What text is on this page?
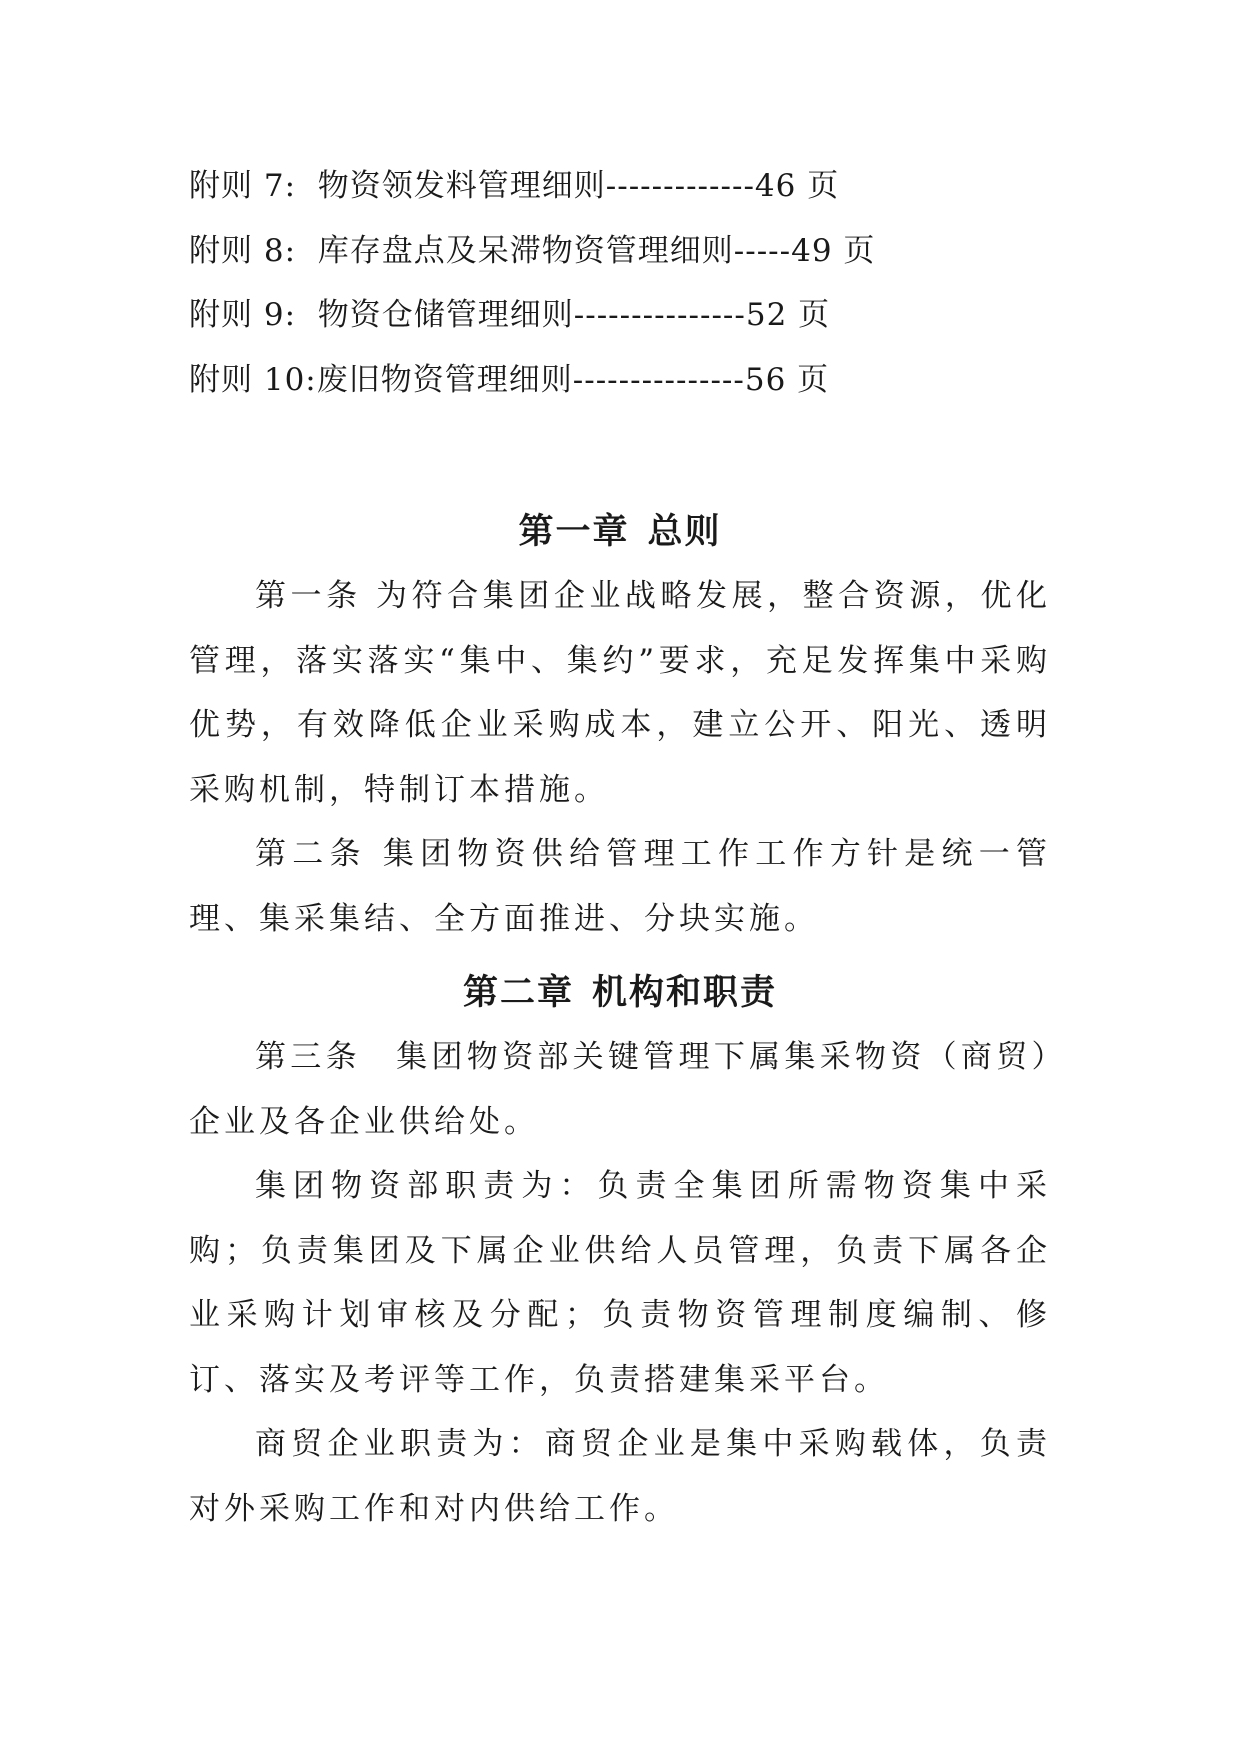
附则 7: 物资领发料管理细则-------------46 页
附则 8: 库存盘点及呆滞物资管理细则-----49 页
附则 9: 物资仓储管理细则---------------52 页
附则 10:废旧物资管理细则---------------56 页
第一章 总则

第一条 为符合集团企业战略发展，整合资源，优化管理，落实落实“集中、集约”要求，充足发挥集中采购优势，有效降低企业采购成本，建立公开、阳光、透明采购机制，特制订本措施。

第二条 集团物资供给管理工作工作方针是统一管理、集采集结、全方面推进、分块实施。

第二章 机构和职责

第三条　集团物资部关键管理下属集采物资（商贸）企业及各企业供给处。

集团物资部职责为：负责全集团所需物资集中采购；负责集团及下属企业供给人员管理，负责下属各企业采购计划审核及分配；负责物资管理制度编制、修订、落实及考评等工作，负责搭建集采平台。

商贸企业职责为：商贸企业是集中采购载体，负责对外采购工作和对内供给工作。
